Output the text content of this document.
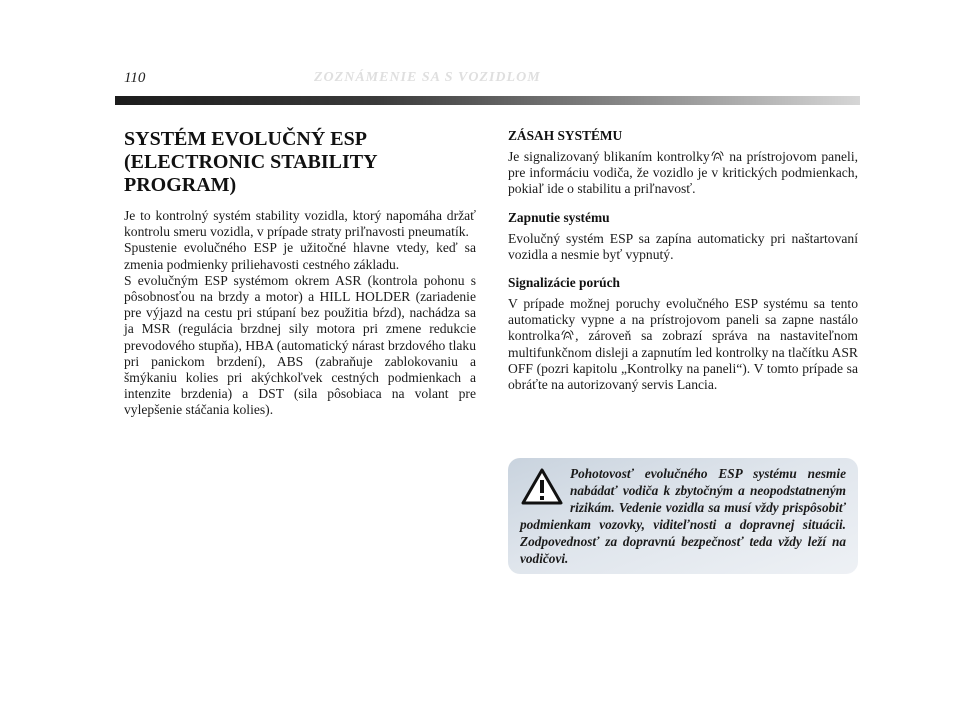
110	ZOZNÁMENIE SA S VOZIDLOM
SYSTÉM EVOLUČNÝ ESP (ELECTRONIC STABILITY PROGRAM)

Je to kontrolný systém stability vozidla, ktorý napomáha držať kontrolu smeru vozidla, v prípade straty priľnavosti pneumatík.

Spustenie evolučného ESP je užitočné hlavne vtedy, keď sa zmenia podmienky priliehavosti cestného základu.

S evolučným ESP systémom okrem ASR (kontrola pohonu s pôsobnosťou na brzdy a motor) a HILL HOLDER (zariadenie pre výjazd na cestu pri stúpaní bez použitia bŕzd), nachádza sa ja MSR (regulácia brzdnej sily motora pri zmene redukcie prevodového stupňa), HBA (automatický nárast brzdového tlaku pri panickom brzdení), ABS (zabraňuje zablokovaniu a šmýkaniu kolies pri akýchkoľvek cestných podmienkach a intenzite brzdenia) a DST (sila pôsobiaca na volant pre vylepšenie stáčania kolies).

ZÁSAH SYSTÉMU

Je signalizovaný blikaním kontrolky na prístrojovom paneli, pre informáciu vodiča, že vozidlo je v kritických podmienkach, pokiaľ ide o stabilitu a priľnavosť.

Zapnutie systému

Evolučný systém ESP sa zapína automaticky pri naštartovaní vozidla a nesmie byť vypnutý.

Signalizácie porúch

V prípade možnej poruchy evolučného ESP systému sa tento automaticky vypne a na prístrojovom paneli sa zapne nastálo kontrolka , zároveň sa zobrazí správa na nastaviteľnom multifunkčnom disleji a zapnutím led kontrolky na tlačítku ASR OFF (pozri kapitolu „Kontrolky na paneli“). V tomto prípade sa obráťte na autorizovaný servis Lancia.

Pohotovosť evolučného ESP systému nesmie nabádať vodiča k zbytočným a neopodstatneným rizikám. Vedenie vozidla sa musí vždy prispôsobiť podmienkam vozovky, viditeľnosti a dopravnej situácii. Zodpovednosť za dopravnú bezpečnosť teda vždy leží na vodičovi.
